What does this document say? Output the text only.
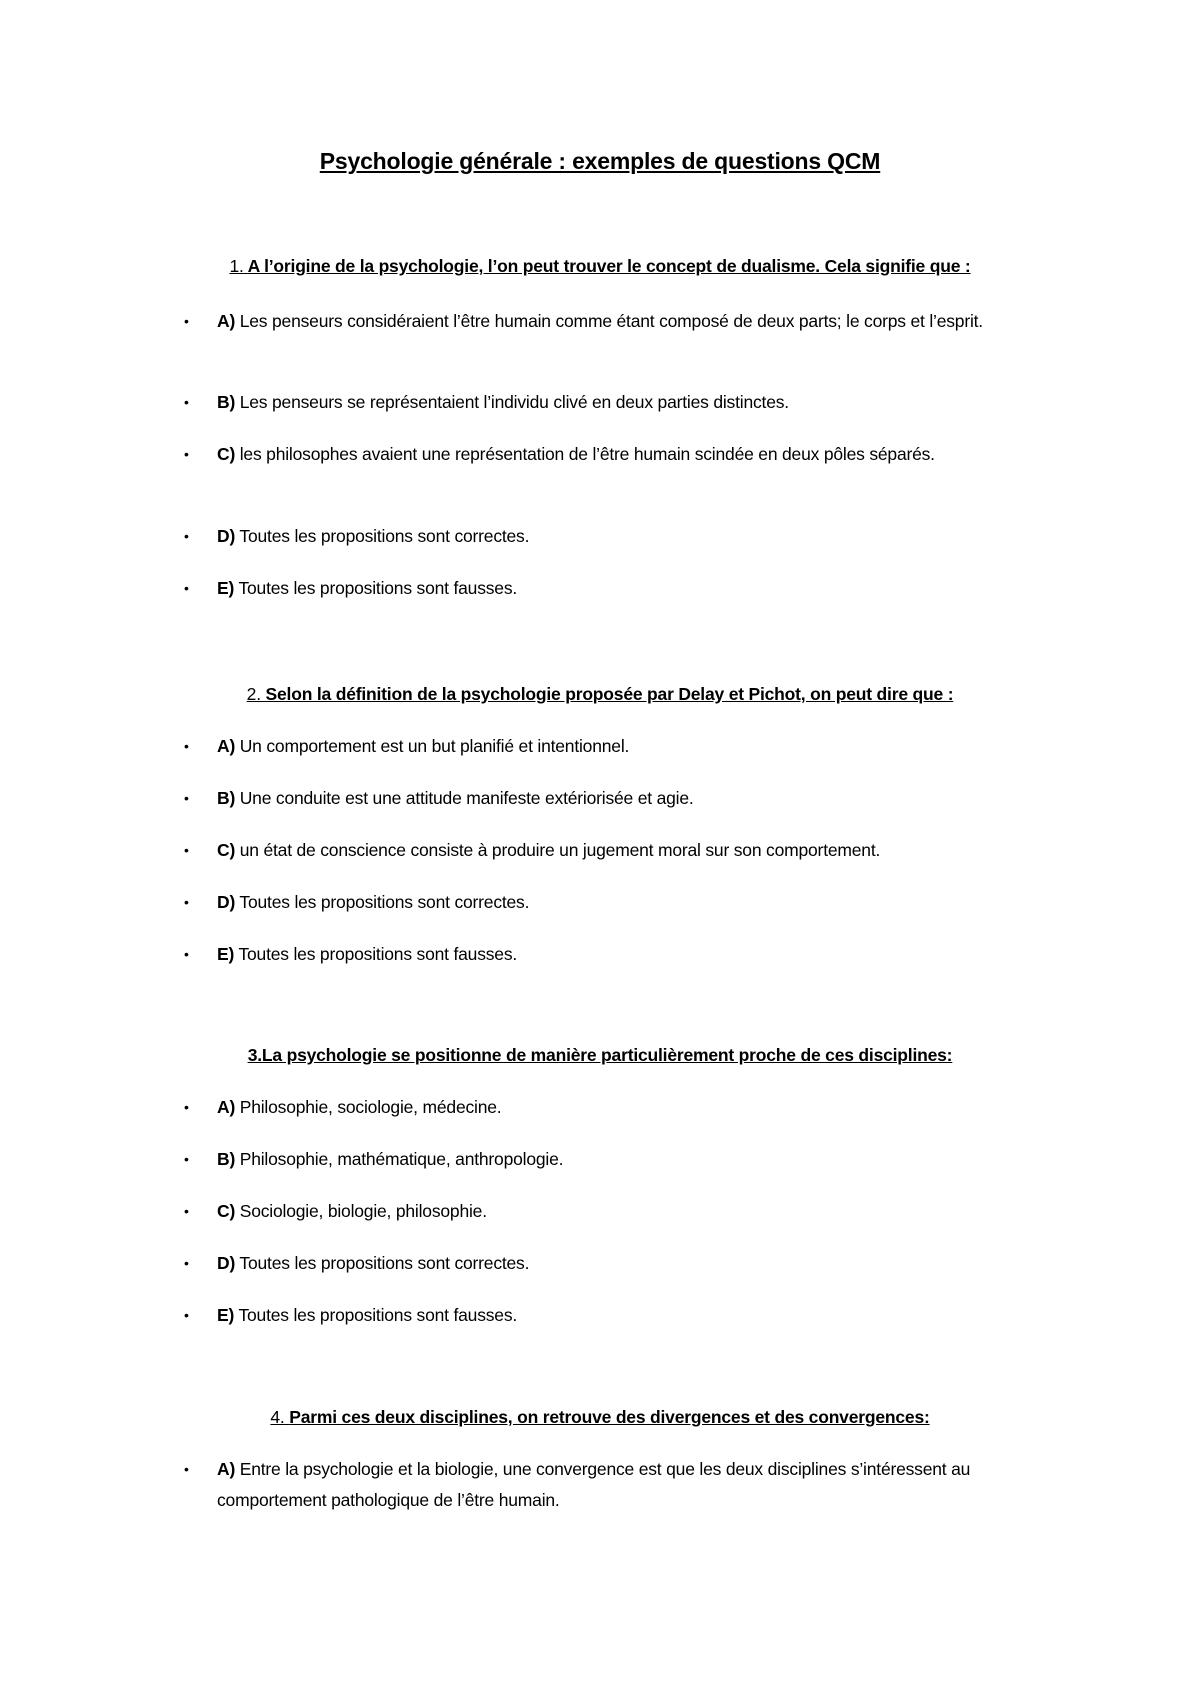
Psychologie générale : exemples de questions QCM
1. A l’origine de la psychologie, l’on peut trouver le concept de dualisme. Cela signifie que :
• A) Les penseurs considéraient l’être humain comme étant composé de deux parts; le corps et l’esprit.
• B) Les penseurs se représentaient l’individu clivé en deux parties distinctes.
• C) les philosophes avaient une représentation de l’être humain scindée en deux pôles séparés.
• D) Toutes les propositions sont correctes.
• E) Toutes les propositions sont fausses.
2. Selon la définition de la psychologie proposée par Delay et Pichot, on peut dire que :
• A) Un comportement est un but planifié et intentionnel.
• B) Une conduite est une attitude manifeste extériorisée et agie.
• C) un état de conscience consiste à produire un jugement moral sur son comportement.
• D) Toutes les propositions sont correctes.
• E) Toutes les propositions sont fausses.
3.La psychologie se positionne de manière particulièrement proche de ces disciplines:
• A) Philosophie, sociologie, médecine.
• B) Philosophie, mathématique, anthropologie.
• C) Sociologie, biologie, philosophie.
• D) Toutes les propositions sont correctes.
• E) Toutes les propositions sont fausses.
4. Parmi ces deux disciplines, on retrouve des divergences et des convergences:
• A) Entre la psychologie et la biologie, une convergence est que les deux disciplines s’intéressent au comportement pathologique de l’être humain.
